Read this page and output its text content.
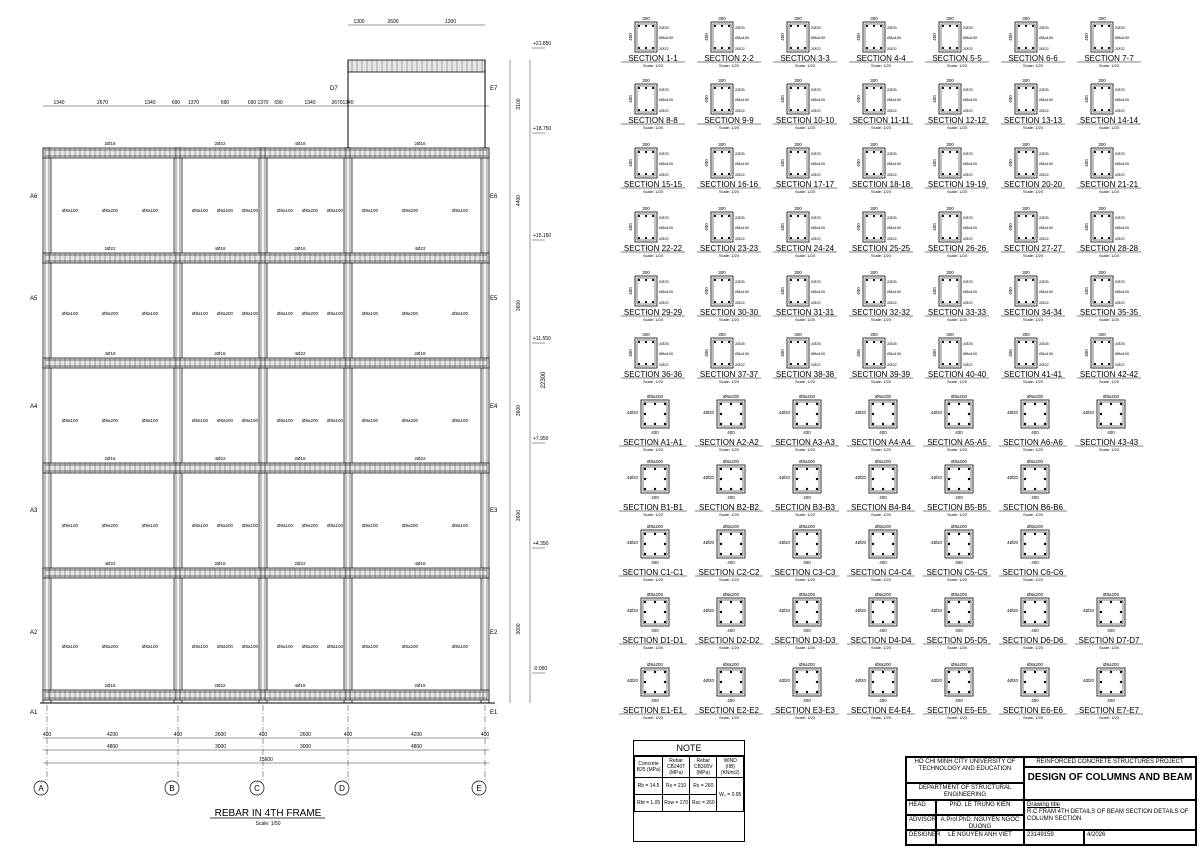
A	B	C	D	E
400	4200	400	2600	400	2600	400	4200	400
4800	3000	3000	4800
15600
22300
3100
4400
3600
3600
3600
3600
+21.850
+18.750
+15.150
+11.550
+7.950
+4.350
-0.050
1300	2600	1300
1340	2670	1340	690 1370	690	690 1370 690	1340	2670 1340
A6	E6
A5	E5
A4	E4
A3	E3
A2	E2
A1	E1
D7	E7
Ø8a100	Ø8a200	Ø8a100	Ø8a100 Ø8a200 Ø8a100	Ø8a100 Ø8a200 Ø8a100	Ø8a100	Ø8a200	Ø8a100
Ø8a100	Ø8a200	Ø8a100	Ø8a100 Ø8a200 Ø8a100	Ø8a100 Ø8a200 Ø8a100	Ø8a100	Ø8a200	Ø8a100
Ø8a100	Ø8a200	Ø8a100	Ø8a100 Ø8a200 Ø8a100	Ø8a100 Ø8a200 Ø8a100	Ø8a100	Ø8a200	Ø8a100
Ø8a100	Ø8a200	Ø8a100	Ø8a100 Ø8a200 Ø8a100	Ø8a100 Ø8a200 Ø8a100	Ø8a100	Ø8a200	Ø8a100
Ø8a100	Ø8a200	Ø8a100	Ø8a100 Ø8a200 Ø8a100	Ø8a100 Ø8a200 Ø8a100	Ø8a100	Ø8a200	Ø8a100
2Ø18	2Ø22	4Ø18	2Ø16
2Ø22	4Ø18	2Ø16	4Ø22
4Ø18	2Ø16	4Ø22	2Ø18
2Ø16	4Ø22	2Ø18	2Ø22
4Ø22	2Ø18	2Ø22	4Ø18
2Ø18	2Ø22	4Ø18	2Ø16
300
400
2Ø25
Ø8a100
2Ø22
SECTION 1-1
Scale: 1/20
300
400
2Ø25
Ø8a100
2Ø22
SECTION 2-2
Scale: 1/20
300
400
2Ø25
Ø8a100
2Ø22
SECTION 3-3
Scale: 1/20
300
400
2Ø25
Ø8a100
2Ø22
SECTION 4-4
Scale: 1/20
300
400
2Ø25
Ø8a100
2Ø22
SECTION 5-5
Scale: 1/20
300
400
2Ø25
Ø8a100
2Ø22
SECTION 6-6
Scale: 1/20
300
400
2Ø25
Ø8a100
2Ø22
SECTION 7-7
Scale: 1/20
300
400
2Ø25
Ø8a100
2Ø22
SECTION 8-8
Scale: 1/20
300
400
2Ø25
Ø8a100
2Ø22
SECTION 9-9
Scale: 1/20
300
400
2Ø25
Ø8a100
2Ø22
SECTION 10-10
Scale: 1/20
300
400
2Ø25
Ø8a100
2Ø22
SECTION 11-11
Scale: 1/20
300
400
2Ø25
Ø8a100
2Ø22
SECTION 12-12
Scale: 1/20
300
400
2Ø25
Ø8a100
2Ø22
SECTION 13-13
Scale: 1/20
300
400
2Ø25
Ø8a100
2Ø22
SECTION 14-14
Scale: 1/20
300
400
2Ø25
Ø8a100
2Ø22
SECTION 15-15
Scale: 1/20
300
400
2Ø25
Ø8a100
2Ø22
SECTION 16-16
Scale: 1/20
300
400
2Ø25
Ø8a100
2Ø22
SECTION 17-17
Scale: 1/20
300
400
2Ø25
Ø8a100
2Ø22
SECTION 18-18
Scale: 1/20
300
400
2Ø25
Ø8a100
2Ø22
SECTION 19-19
Scale: 1/20
300
400
2Ø25
Ø8a100
2Ø22
SECTION 20-20
Scale: 1/20
300
400
2Ø25
Ø8a100
2Ø22
SECTION 21-21
Scale: 1/20
300
400
2Ø25
Ø8a100
2Ø22
SECTION 22-22
Scale: 1/20
300
400
2Ø25
Ø8a100
2Ø22
SECTION 23-23
Scale: 1/20
300
400
2Ø25
Ø8a100
2Ø22
SECTION 24-24
Scale: 1/20
300
400
2Ø25
Ø8a100
2Ø22
SECTION 25-25
Scale: 1/20
300
400
2Ø25
Ø8a100
2Ø22
SECTION 26-26
Scale: 1/20
300
400
2Ø25
Ø8a100
2Ø22
SECTION 27-27
Scale: 1/20
300
400
2Ø25
Ø8a100
2Ø22
SECTION 28-28
Scale: 1/20
300
400
2Ø25
Ø8a100
2Ø22
SECTION 29-29
Scale: 1/20
300
400
2Ø25
Ø8a100
2Ø22
SECTION 30-30
Scale: 1/20
300
400
2Ø25
Ø8a100
2Ø22
SECTION 31-31
Scale: 1/20
300
400
2Ø25
Ø8a100
2Ø22
SECTION 32-32
Scale: 1/20
300
400
2Ø25
Ø8a100
2Ø22
SECTION 33-33
Scale: 1/20
300
400
2Ø25
Ø8a100
2Ø22
SECTION 34-34
Scale: 1/20
300
400
2Ø25
Ø8a100
2Ø22
SECTION 35-35
Scale: 1/20
300
400
2Ø25
Ø8a100
2Ø22
SECTION 36-36
Scale: 1/20
300
400
2Ø25
Ø8a100
2Ø22
SECTION 37-37
Scale: 1/20
300
400
2Ø25
Ø8a100
2Ø22
SECTION 38-38
Scale: 1/20
300
400
2Ø25
Ø8a100
2Ø22
SECTION 39-39
Scale: 1/20
300
400
2Ø25
Ø8a100
2Ø22
SECTION 40-40
Scale: 1/20
300
400
2Ø25
Ø8a100
2Ø22
SECTION 41-41
Scale: 1/20
300
400
2Ø25
Ø8a100
2Ø22
SECTION 42-42
Scale: 1/20
Ø8a200
4Ø20
400
SECTION A1-A1
Scale: 1/20
Ø8a200
4Ø20
400
SECTION A2-A2
Scale: 1/20
Ø8a200
4Ø20
400
SECTION A3-A3
Scale: 1/20
Ø8a200
4Ø20
400
SECTION A4-A4
Scale: 1/20
Ø8a200
4Ø20
400
SECTION A5-A5
Scale: 1/20
Ø8a200
4Ø20
400
SECTION A6-A6
Scale: 1/20
Ø8a200
4Ø20
400
SECTION 43-43
Scale: 1/20
Ø8a200
4Ø20
400
SECTION B1-B1
Scale: 1/20
Ø8a200
4Ø20
400
SECTION B2-B2
Scale: 1/20
Ø8a200
4Ø20
400
SECTION B3-B3
Scale: 1/20
Ø8a200
4Ø20
400
SECTION B4-B4
Scale: 1/20
Ø8a200
4Ø20
400
SECTION B5-B5
Scale: 1/20
Ø8a200
4Ø20
400
SECTION B6-B6
Scale: 1/20
Ø8a200
4Ø20
400
SECTION C1-C1
Scale: 1/20
Ø8a200
4Ø20
400
SECTION C2-C2
Scale: 1/20
Ø8a200
4Ø20
400
SECTION C3-C3
Scale: 1/20
Ø8a200
4Ø20
400
SECTION C4-C4
Scale: 1/20
Ø8a200
4Ø20
400
SECTION C5-C5
Scale: 1/20
Ø8a200
4Ø20
400
SECTION C6-C6
Scale: 1/20
Ø8a200
4Ø20
400
SECTION D1-D1
Scale: 1/20
Ø8a200
4Ø20
400
SECTION D2-D2
Scale: 1/20
Ø8a200
4Ø20
400
SECTION D3-D3
Scale: 1/20
Ø8a200
4Ø20
400
SECTION D4-D4
Scale: 1/20
Ø8a200
4Ø20
400
SECTION D5-D5
Scale: 1/20
Ø8a200
4Ø20
400
SECTION D6-D6
Scale: 1/20
Ø8a200
4Ø20
400
SECTION D7-D7
Scale: 1/20
Ø8a200
4Ø20
400
SECTION E1-E1
Scale: 1/20
Ø8a200
4Ø20
400
SECTION E2-E2
Scale: 1/20
Ø8a200
4Ø20
400
SECTION E3-E3
Scale: 1/20
Ø8a200
4Ø20
400
SECTION E4-E4
Scale: 1/20
Ø8a200
4Ø20
400
SECTION E5-E5
Scale: 1/20
Ø8a200
4Ø20
400
SECTION E6-E6
Scale: 1/20
Ø8a200
4Ø20
400
SECTION E7-E7
Scale: 1/20
REBAR IN 4TH FRAME
Scale: 1/50
NOTE
Concrete B25 (MPa)	Rebar CB240T (MPa)	Rebar CB300V (MPa)	WIND (IIB) (KN/m2)
Rb = 14.5	Rs = 210	Rs = 260	W₀ = 0.95
Rbt = 1.05	Rsw = 170	Rsc = 260	
HO CHI MINH CITY UNIVERSITY OF TECHNOLOGY AND EDUCATION
DEPARTMENT OF STRUCTURAL ENGINEERING
REINFORCED CONCRETE STRUCTURES PROJECT
DESIGN OF COLUMNS AND BEAM
HEAD	PhD. LE TRUNG KIEN
ADVISOR A.Prof.PhD. NGUYEN NGOC DUONG
DESIGNER	LE NGUYEN ANH VIET
Drawing title
R.C FRAM 4TH DETAILS OF BEAM SECTION DETAILS OF COLUMN SECTION
23149159	4/2026
